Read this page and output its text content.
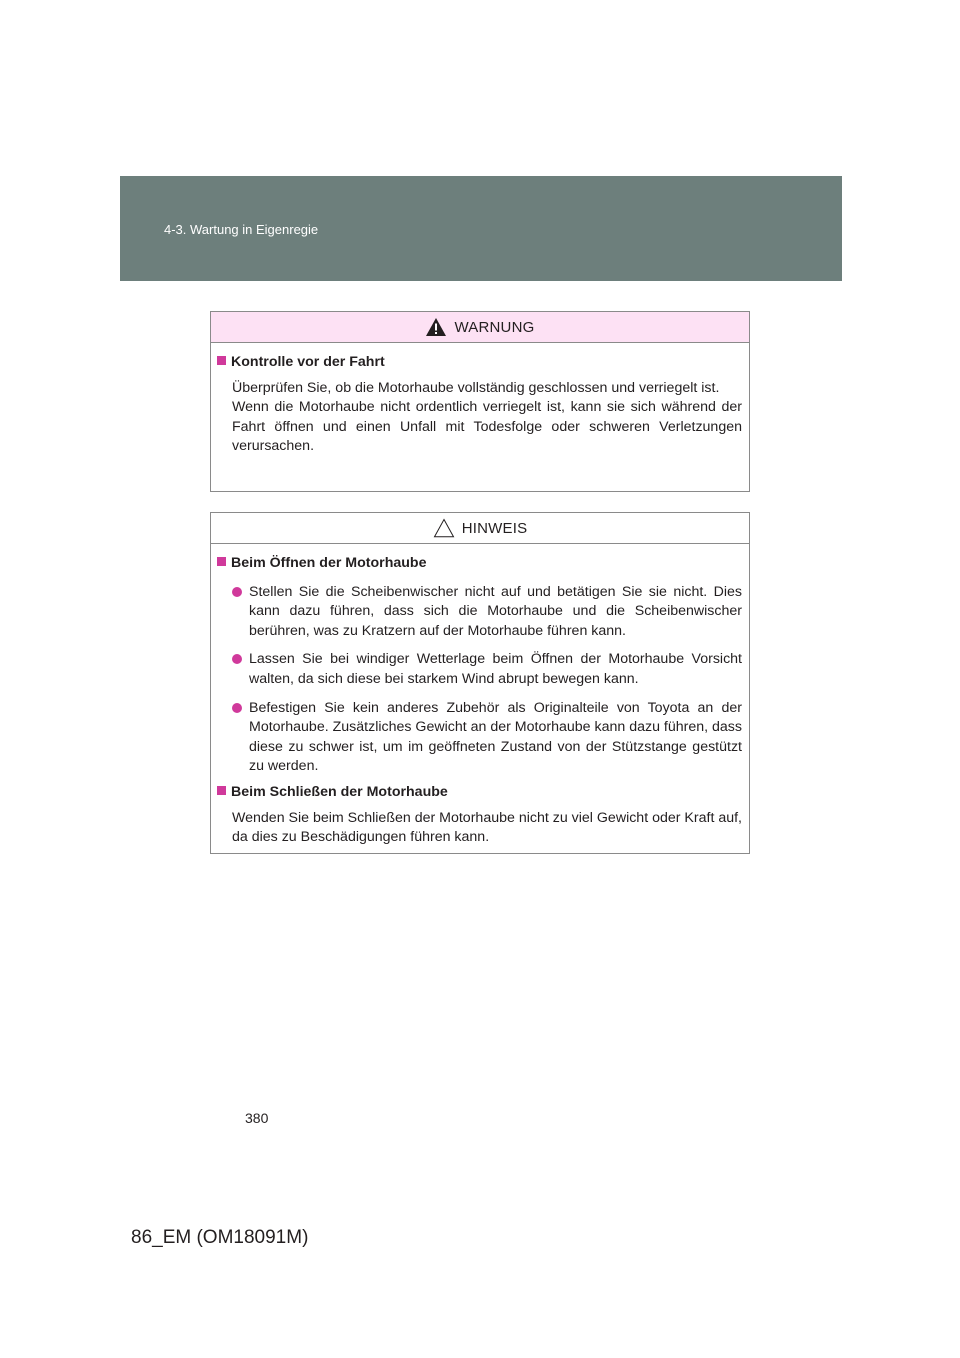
4-3. Wartung in Eigenregie
WARNUNG
Kontrolle vor der Fahrt
Überprüfen Sie, ob die Motorhaube vollständig geschlossen und verriegelt ist.
Wenn die Motorhaube nicht ordentlich verriegelt ist, kann sie sich während der Fahrt öffnen und einen Unfall mit Todesfolge oder schweren Verletzungen verursachen.
HINWEIS
Beim Öffnen der Motorhaube
Stellen Sie die Scheibenwischer nicht auf und betätigen Sie sie nicht. Dies kann dazu führen, dass sich die Motorhaube und die Scheibenwischer berühren, was zu Kratzern auf der Motorhaube führen kann.
Lassen Sie bei windiger Wetterlage beim Öffnen der Motorhaube Vorsicht walten, da sich diese bei starkem Wind abrupt bewegen kann.
Befestigen Sie kein anderes Zubehör als Originalteile von Toyota an der Motorhaube. Zusätzliches Gewicht an der Motorhaube kann dazu führen, dass diese zu schwer ist, um im geöffneten Zustand von der Stützstange gestützt zu werden.
Beim Schließen der Motorhaube
Wenden Sie beim Schließen der Motorhaube nicht zu viel Gewicht oder Kraft auf, da dies zu Beschädigungen führen kann.
380
86_EM (OM18091M)
